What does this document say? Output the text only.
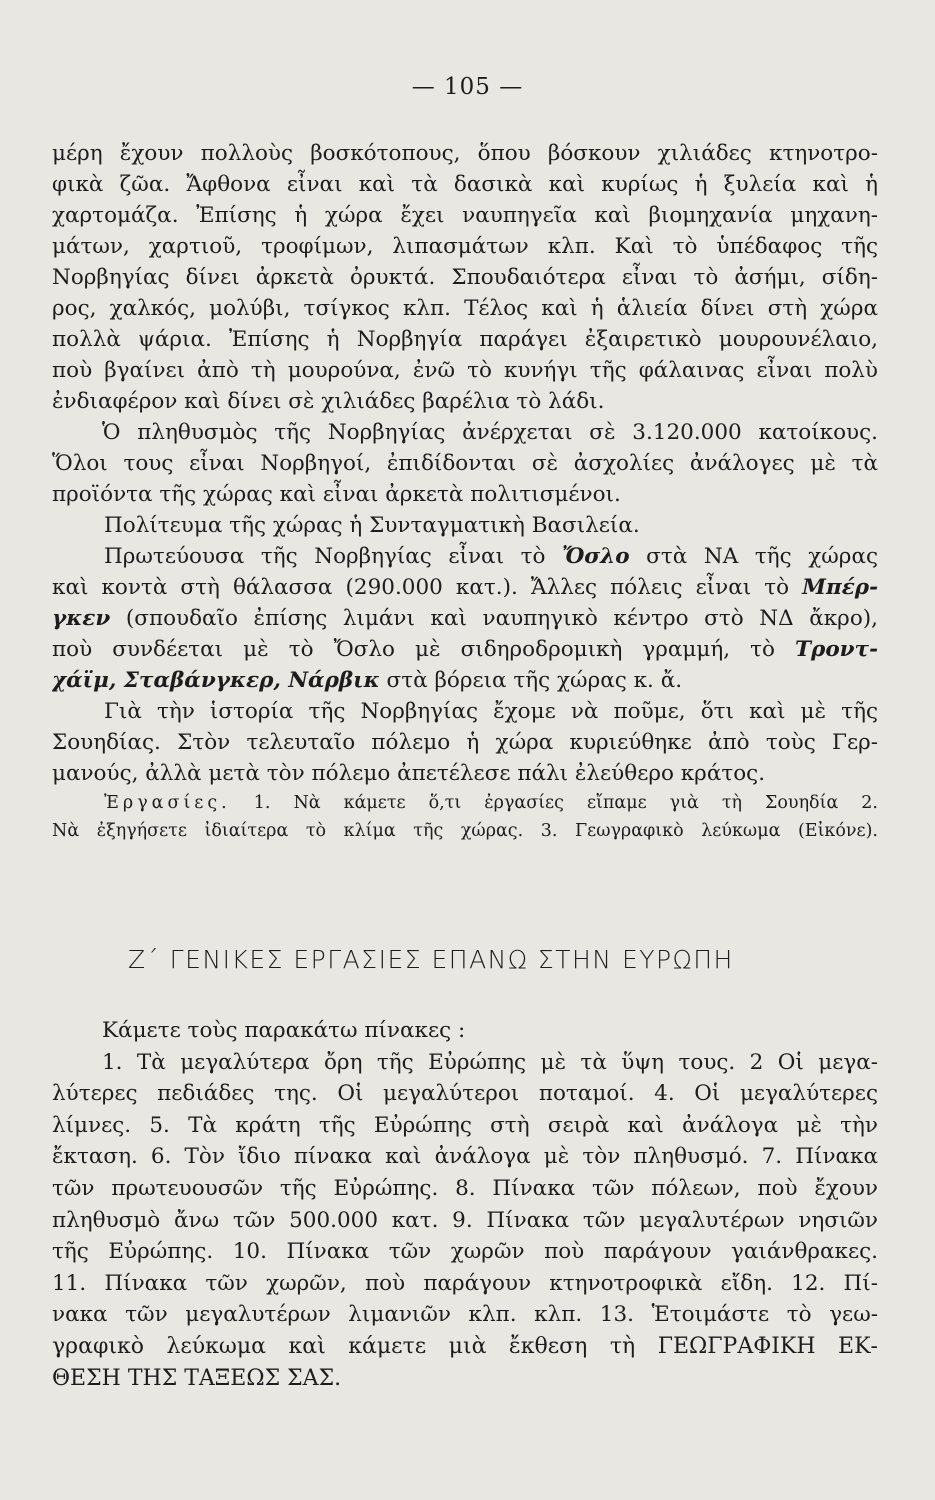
— 105 —
μέρη ἔχουν πολλοὺς βοσκότοπους, ὅπου βόσκουν χιλιάδες κτηνοτρο-
φικὰ ζῶα. Ἄφθονα εἶναι καὶ τὰ δασικὰ καὶ κυρίως ἡ ξυλεία καὶ ἡ
χαρτομάζα. Ἐπίσης ἡ χώρα ἔχει ναυπηγεῖα καὶ βιομηχανία μηχανη-
μάτων, χαρτιοῦ, τροφίμων, λιπασμάτων κλπ. Καὶ τὸ ὑπέδαφος τῆς
Νορβηγίας δίνει ἀρκετὰ ὀρυκτά. Σπουδαιότερα εἶναι τὸ ἀσήμι, σίδη-
ρος, χαλκός, μολύβι, τσίγκος κλπ. Τέλος καὶ ἡ ἁλιεία δίνει στὴ χώρα
πολλὰ ψάρια. Ἐπίσης ἡ Νορβηγία παράγει ἐξαιρετικὸ μουρουνέλαιο,
ποὺ βγαίνει ἀπὸ τὴ μουρούνα, ἐνῶ τὸ κυνήγι τῆς φάλαινας εἶναι πολὺ
ἐνδιαφέρον καὶ δίνει σὲ χιλιάδες βαρέλια τὸ λάδι.
Ὁ πληθυσμὸς τῆς Νορβηγίας ἀνέρχεται σὲ 3.120.000 κατοίκους.
Ὅλοι τους εἶναι Νορβηγοί, ἐπιδίδονται σὲ ἀσχολίες ἀνάλογες μὲ τὰ
προϊόντα τῆς χώρας καὶ εἶναι ἀρκετὰ πολιτισμένοι.
Πολίτευμα τῆς χώρας ἡ Συνταγματικὴ Βασιλεία.
Πρωτεύουσα τῆς Νορβηγίας εἶναι τὸ Ὄσλο στὰ ΝΑ τῆς χώρας
καὶ κοντὰ στὴ θάλασσα (290.000 κατ.). Ἄλλες πόλεις εἶναι τὸ Μπέρ-
γκεν (σπουδαῖο ἐπίσης λιμάνι καὶ ναυπηγικὸ κέντρο στὸ ΝΔ ἄκρο),
ποὺ συνδέεται μὲ τὸ Ὄσλο μὲ σιδηροδρομικὴ γραμμή, τὸ Τροντ-
χάϊμ, Σταβάνγκερ, Νάρβικ στὰ βόρεια τῆς χώρας κ. ἄ.
Γιὰ τὴν ἱστορία τῆς Νορβηγίας ἔχομε νὰ ποῦμε, ὅτι καὶ μὲ τῆς
Σουηδίας. Στὸν τελευταῖο πόλεμο ἡ χώρα κυριεύθηκε ἀπὸ τοὺς Γερ-
μανούς, ἀλλὰ μετὰ τὸν πόλεμο ἀπετέλεσε πάλι ἐλεύθερο κράτος.
Ἐργασίες. 1. Νὰ κάμετε ὅ,τι ἐργασίες εἴπαμε γιὰ τὴ Σουηδία 2.
Νὰ ἐξηγήσετε ἰδιαίτερα τὸ κλίμα τῆς χώρας. 3. Γεωγραφικὸ λεύκωμα (Εἰκόνε).
Ζ΄ ΓΕΝΙΚΕΣ ΕΡΓΑΣΙΕΣ ΕΠΑΝΩ ΣΤΗΝ ΕΥΡΩΠΗ
Κάμετε τοὺς παρακάτω πίνακες :
1. Τὰ μεγαλύτερα ὄρη τῆς Εὐρώπης μὲ τὰ ὕψη τους. 2 Οἱ μεγα-
λύτερες πεδιάδες της. Οἱ μεγαλύτεροι ποταμοί. 4. Οἱ μεγαλύτερες
λίμνες. 5. Τὰ κράτη τῆς Εὐρώπης στὴ σειρὰ καὶ ἀνάλογα μὲ τὴν
ἔκταση. 6. Τὸν ἴδιο πίνακα καὶ ἀνάλογα μὲ τὸν πληθυσμό. 7. Πίνακα
τῶν πρωτευουσῶν τῆς Εὐρώπης. 8. Πίνακα τῶν πόλεων, ποὺ ἔχουν
πληθυσμὸ ἄνω τῶν 500.000 κατ. 9. Πίνακα τῶν μεγαλυτέρων νησιῶν
τῆς Εὐρώπης. 10. Πίνακα τῶν χωρῶν ποὺ παράγουν γαιάνθρακες.
11. Πίνακα τῶν χωρῶν, ποὺ παράγουν κτηνοτροφικὰ εἴδη. 12. Πί-
νακα τῶν μεγαλυτέρων λιμανιῶν κλπ. κλπ. 13. Ἑτοιμάστε τὸ γεω-
γραφικὸ λεύκωμα καὶ κάμετε μιὰ ἔκθεση τὴ ΓΕΩΓΡΑΦΙΚΗ ΕΚ-
ΘΕΣΗ ΤΗΣ ΤΑΞΕΩΣ ΣΑΣ.
